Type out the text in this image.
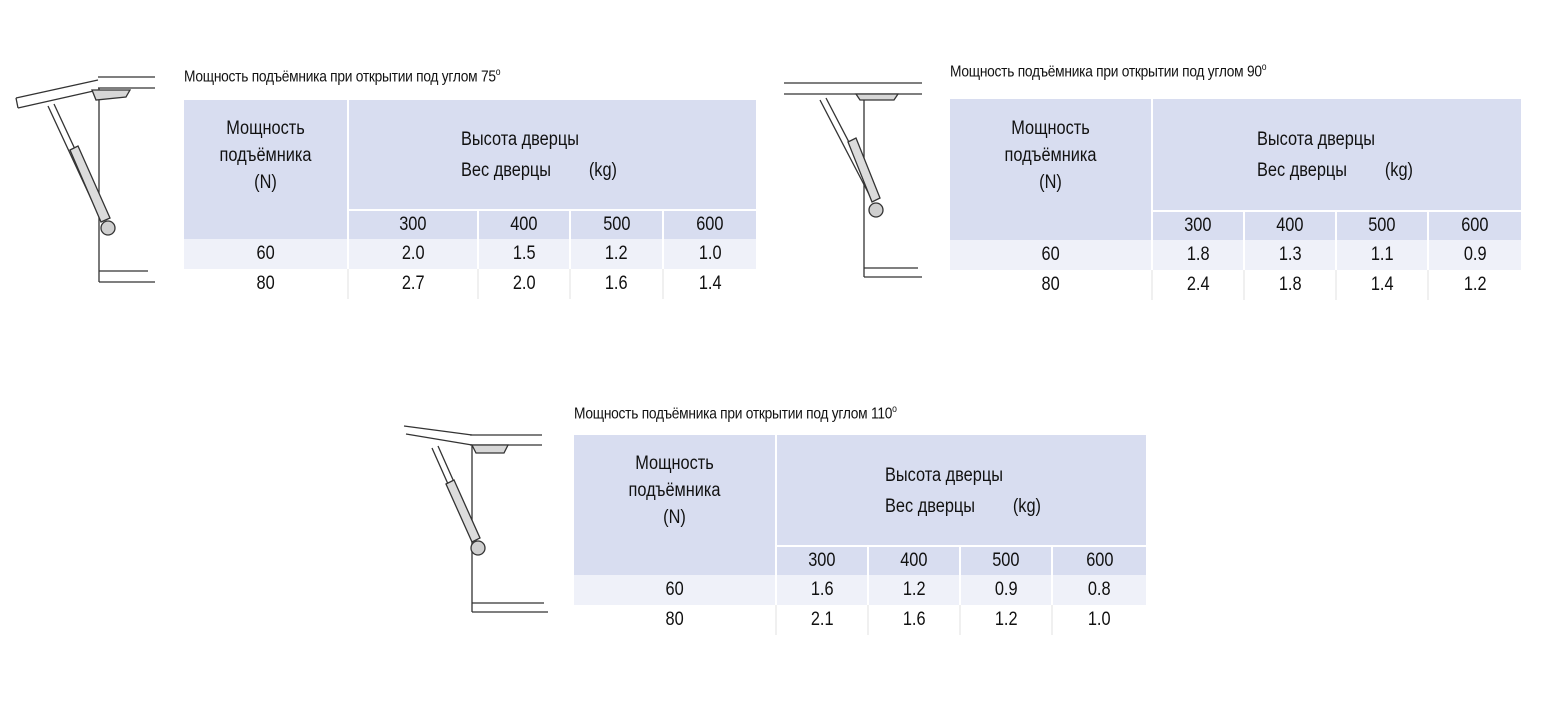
Мощность подъёмника при открытии под углом 75$^o$
Мощность
подъёмника
(N)	Высота дверцы
Вес дверцы (kg)			

	300	400	500	600
60	2.0	1.5	1.2	1.0
80	2.7	2.0	1.6	1.4
Мощность подъёмника при открытии под углом 90$^o$
Мощность
подъёмника
(N)	Высота дверцы
Вес дверцы (kg)			

	300	400	500	600
60	1.8	1.3	1.1	0.9
80	2.4	1.8	1.4	1.2
Мощность подъёмника при открытии под углом 110$^o$
Мощность
подъёмника
(N)	Высота дверцы
Вес дверцы (kg)			

	300	400	500	600
60	1.6	1.2	0.9	0.8
80	2.1	1.6	1.2	1.0
